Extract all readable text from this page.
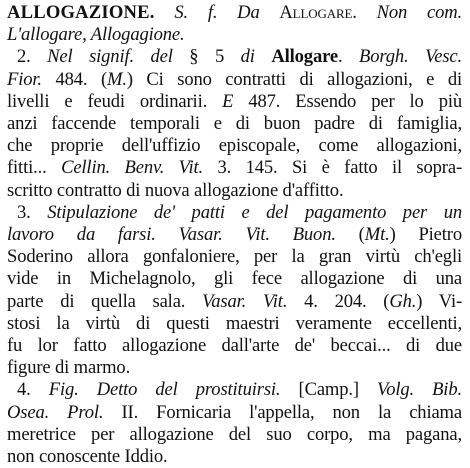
ALLOGAZIONE. S. f. Da Allogare. Non com.
L'allogare, Allogagione.
2. Nel signif. del § 5 di Allogare. Borgh. Vesc.
Fior. 484. (M.) Ci sono contratti di allogazioni, e di
livelli e feudi ordinarii. E 487. Essendo per lo più
anzi faccende temporali e di buon padre di famiglia,
che proprie dell'uffizio episcopale, come allogazioni,
fitti... Cellin. Benv. Vit. 3. 145. Si è fatto il sopra-
scritto contratto di nuova allogazione d'affitto.
3. Stipulazione de' patti e del pagamento per un
lavoro da farsi. Vasar. Vit. Buon. (Mt.) Pietro
Soderino allora gonfaloniere, per la gran virtù ch'egli
vide in Michelagnolo, gli fece allogazione di una
parte di quella sala. Vasar. Vit. 4. 204. (Gh.) Vi-
stosi la virtù di questi maestri veramente eccellenti,
fu lor fatto allogazione dall'arte de' beccai... di due
figure di marmo.
4. Fig. Detto del prostituirsi. [Camp.] Volg. Bib.
Osea. Prol. II. Fornicaria l'appella, non la chiama
meretrice per allogazione del suo corpo, ma pagana,
non conoscente Iddio.
